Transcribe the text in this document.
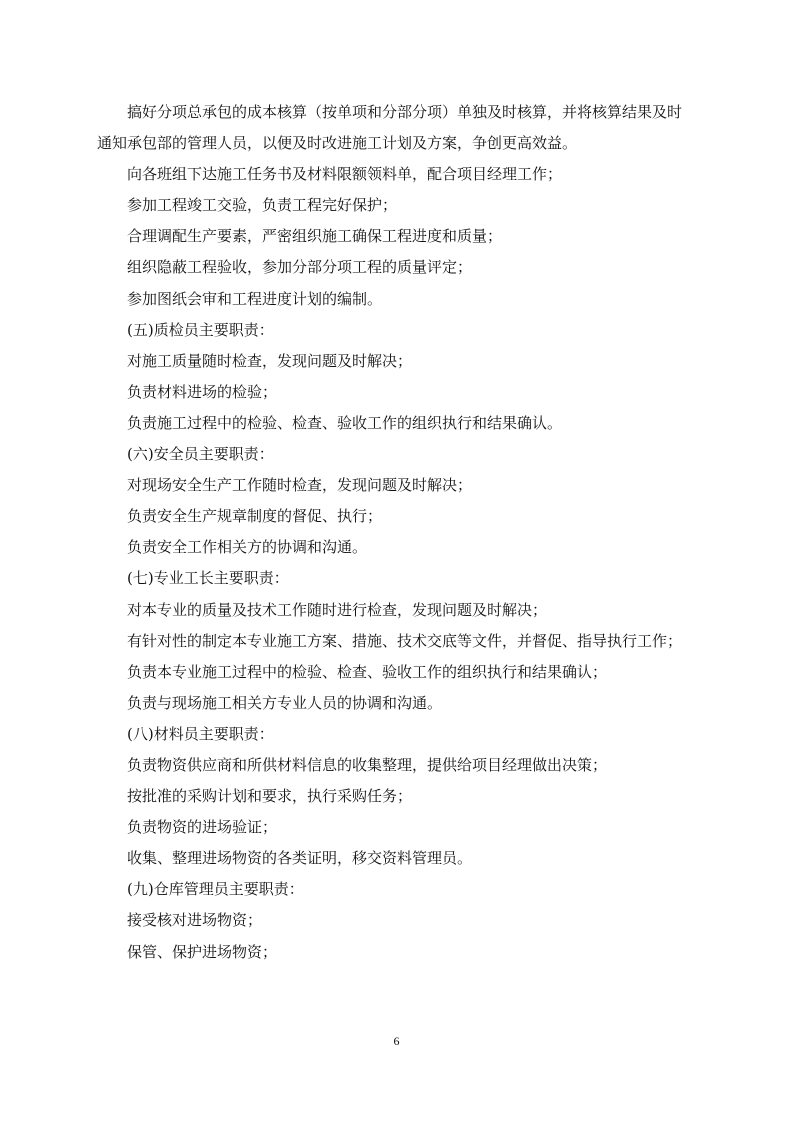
搞好分项总承包的成本核算（按单项和分部分项）单独及时核算，并将核算结果及时
通知承包部的管理人员，以便及时改进施工计划及方案，争创更高效益。
向各班组下达施工任务书及材料限额领料单，配合项目经理工作；
参加工程竣工交验，负责工程完好保护；
合理调配生产要素，严密组织施工确保工程进度和质量；
组织隐蔽工程验收，参加分部分项工程的质量评定；
参加图纸会审和工程进度计划的编制。
(五)质检员主要职责：
对施工质量随时检查，发现问题及时解决；
负责材料进场的检验；
负责施工过程中的检验、检查、验收工作的组织执行和结果确认。
(六)安全员主要职责：
对现场安全生产工作随时检查，发现问题及时解决；
负责安全生产规章制度的督促、执行；
负责安全工作相关方的协调和沟通。
(七)专业工长主要职责：
对本专业的质量及技术工作随时进行检查，发现问题及时解决；
有针对性的制定本专业施工方案、措施、技术交底等文件，并督促、指导执行工作；
负责本专业施工过程中的检验、检查、验收工作的组织执行和结果确认；
负责与现场施工相关方专业人员的协调和沟通。
(八)材料员主要职责：
负责物资供应商和所供材料信息的收集整理，提供给项目经理做出决策；
按批准的采购计划和要求，执行采购任务；
负责物资的进场验证；
收集、整理进场物资的各类证明，移交资料管理员。
(九)仓库管理员主要职责：
接受核对进场物资；
保管、保护进场物资；
6
